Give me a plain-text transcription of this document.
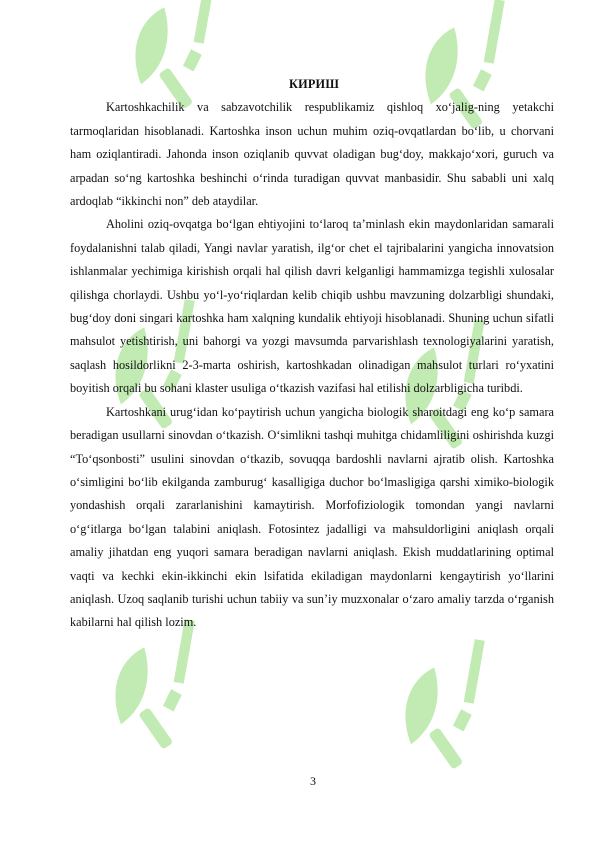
КИРИШ

Kartoshkachilik va sabzavotchilik respublikamiz qishloq xo‘jalig-ning yetakchi tarmoqlaridan hisoblanadi. Kartoshka inson uchun muhim oziq-ovqatlardan bo‘lib, u chorvani ham oziqlantiradi. Jahonda inson oziqlanib quvvat oladigan bug‘doy, makkajo‘xori, guruch va arpadan so‘ng kartoshka beshinchi o‘rinda turadigan quvvat manbasidir. Shu sababli uni xalq ardoqlab “ikkinchi non” deb ataydilar.

Aholini oziq-ovqatga bo‘lgan ehtiyojini to‘laroq ta’minlash ekin maydonlaridan samarali foydalanishni talab qiladi, Yangi navlar yaratish, ilg‘or chet el tajribalarini yangicha innovatsion ishlanmalar yechimiga kirishish orqali hal qilish davri kelganligi hammamizga tegishli xulosalar qilishga chorlaydi. Ushbu yo‘l-yo‘riqlardan kelib chiqib ushbu mavzuning dolzarbligi shundaki, bug‘doy doni singari kartoshka ham xalqning kundalik ehtiyoji hisoblanadi. Shuning uchun sifatli mahsulot yetishtirish, uni bahorgi va yozgi mavsumda parvarishlash texnologiyalarini yaratish, saqlash hosildorlikni 2-3-marta oshirish, kartoshkadan olinadigan mahsulot turlari ro‘yxatini boyitish orqali bu sohani klaster usuliga o‘tkazish vazifasi hal etilishi dolzarbligicha turibdi.

Kartoshkani urug‘idan ko‘paytirish uchun yangicha biologik sharoitdagi eng ko‘p samara beradigan usullarni sinovdan o‘tkazish. O‘simlikni tashqi muhitga chidamliligini oshirishda kuzgi “To‘qsonbosti” usulini sinovdan o‘tkazib, sovuqqa bardoshli navlarni ajratib olish. Kartoshka o‘simligini bo‘lib ekilganda zamburug‘ kasalligiga duchor bo‘lmasligiga qarshi ximiko-biologik yondashish orqali zararlanishini kamaytirish. Morfofiziologik tomondan yangi navlarni o‘g‘itlarga bo‘lgan talabini aniqlash. Fotosintez jadalligi va mahsuldorligini aniqlash orqali amaliy jihatdan eng yuqori samara beradigan navlarni aniqlash. Ekish muddatlarining optimal vaqti va kechki ekin-ikkinchi ekin lsifatida ekiladigan maydonlarni kengaytirish yo‘llarini aniqlash. Uzoq saqlanib turishi uchun tabiiy va sun’iy muzxonalar o‘zaro amaliy tarzda o‘rganish kabilarni hal qilish lozim.

3
